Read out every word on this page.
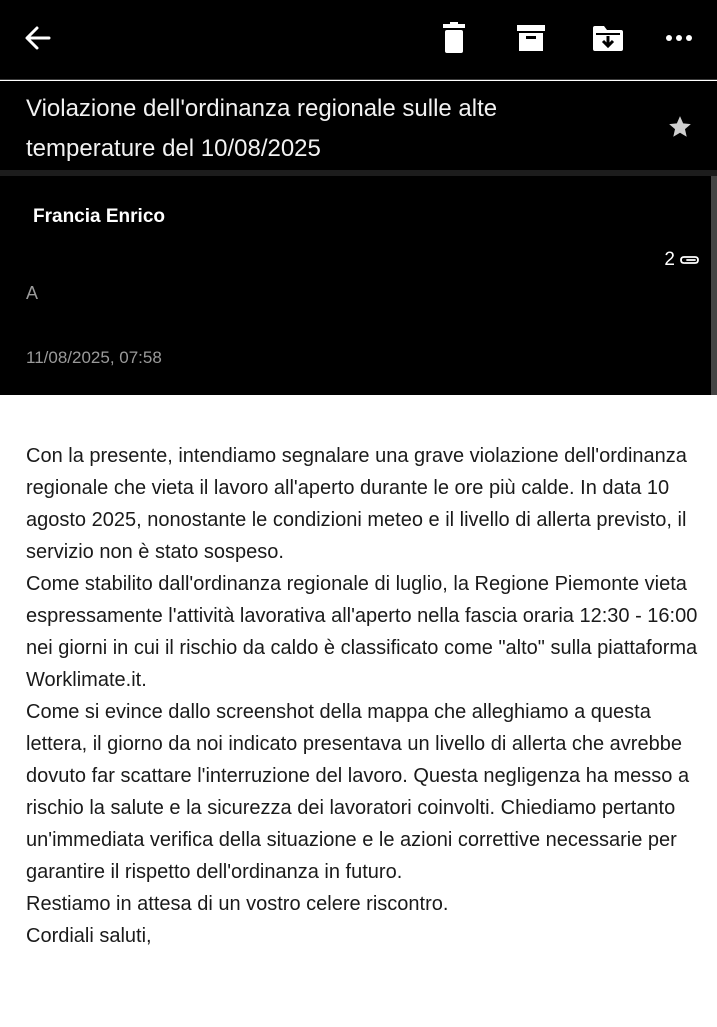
Violazione dell'ordinanza regionale sulle alte temperature del 10/08/2025
Francia Enrico
2
A
11/08/2025, 07:58

Con la presente, intendiamo segnalare una grave violazione dell'ordinanza regionale che vieta il lavoro all'aperto durante le ore più calde. In data 10 agosto 2025, nonostante le condizioni meteo e il livello di allerta previsto, il servizio non è stato sospeso.

Come stabilito dall'ordinanza regionale di luglio, la Regione Piemonte vieta espressamente l'attività lavorativa all'aperto nella fascia oraria 12:30 - 16:00 nei giorni in cui il rischio da caldo è classificato come "alto" sulla piattaforma Worklimate.it.

Come si evince dallo screenshot della mappa che alleghiamo a questa lettera, il giorno da noi indicato presentava un livello di allerta che avrebbe dovuto far scattare l'interruzione del lavoro. Questa negligenza ha messo a rischio la salute e la sicurezza dei lavoratori coinvolti. Chiediamo pertanto un'immediata verifica della situazione e le azioni correttive necessarie per garantire il rispetto dell'ordinanza in futuro.

Restiamo in attesa di un vostro celere riscontro.

Cordiali saluti,
